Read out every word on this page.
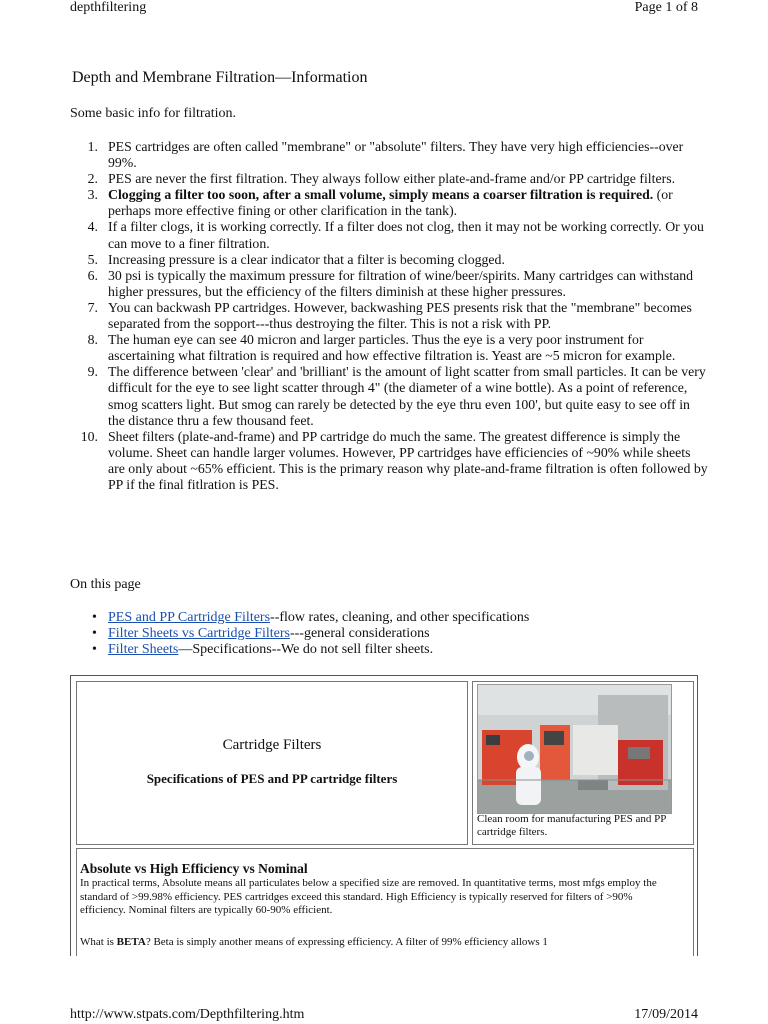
depthfiltering	Page 1 of 8
Depth and Membrane Filtration—Information
Some basic info for filtration.
1. PES cartridges are often called "membrane" or "absolute" filters. They have very high efficiencies--over 99%.
2. PES are never the first filtration. They always follow either plate-and-frame and/or PP cartridge filters.
3. Clogging a filter too soon, after a small volume, simply means a coarser filtration is required. (or perhaps more effective fining or other clarification in the tank).
4. If a filter clogs, it is working correctly. If a filter does not clog, then it may not be working correctly. Or you can move to a finer filtration.
5. Increasing pressure is a clear indicator that a filter is becoming clogged.
6. 30 psi is typically the maximum pressure for filtration of wine/beer/spirits. Many cartridges can withstand higher pressures, but the efficiency of the filters diminish at these higher pressures.
7. You can backwash PP cartridges. However, backwashing PES presents risk that the "membrane" becomes separated from the sopport---thus destroying the filter. This is not a risk with PP.
8. The human eye can see 40 micron and larger particles. Thus the eye is a very poor instrument for ascertaining what filtration is required and how effective filtration is. Yeast are ~5 micron for example.
9. The difference between 'clear' and 'brilliant' is the amount of light scatter from small particles. It can be very difficult for the eye to see light scatter through 4" (the diameter of a wine bottle). As a point of reference, smog scatters light. But smog can rarely be detected by the eye thru even 100', but quite easy to see off in the distance thru a few thousand feet.
10. Sheet filters (plate-and-frame) and PP cartridge do much the same. The greatest difference is simply the volume. Sheet can handle larger volumes. However, PP cartridges have efficiencies of ~90% while sheets are only about ~65% efficient. This is the primary reason why plate-and-frame filtration is often followed by PP if the final fitlration is PES.
On this page
• PES and PP Cartridge Filters--flow rates, cleaning, and other specifications
• Filter Sheets vs Cartridge Filters---general considerations
• Filter Sheets—Specifications--We do not sell filter sheets.
Cartridge Filters
Specifications of PES and PP cartridge filters
Clean room for manufacturing PES and PP cartridge filters.
Absolute vs High Efficiency vs Nominal
In practical terms, Absolute means all particulates below a specified size are removed. In quantitative terms, most mfgs employ the standard of >99.98% efficiency. PES cartridges exceed this standard. High Efficiency is typically reserved for filters of >90% efficiency. Nominal filters are typically 60-90% efficient.
What is BETA? Beta is simply another means of expressing efficiency. A filter of 99% efficiency allows 1
http://www.stpats.com/Depthfiltering.htm	17/09/2014
